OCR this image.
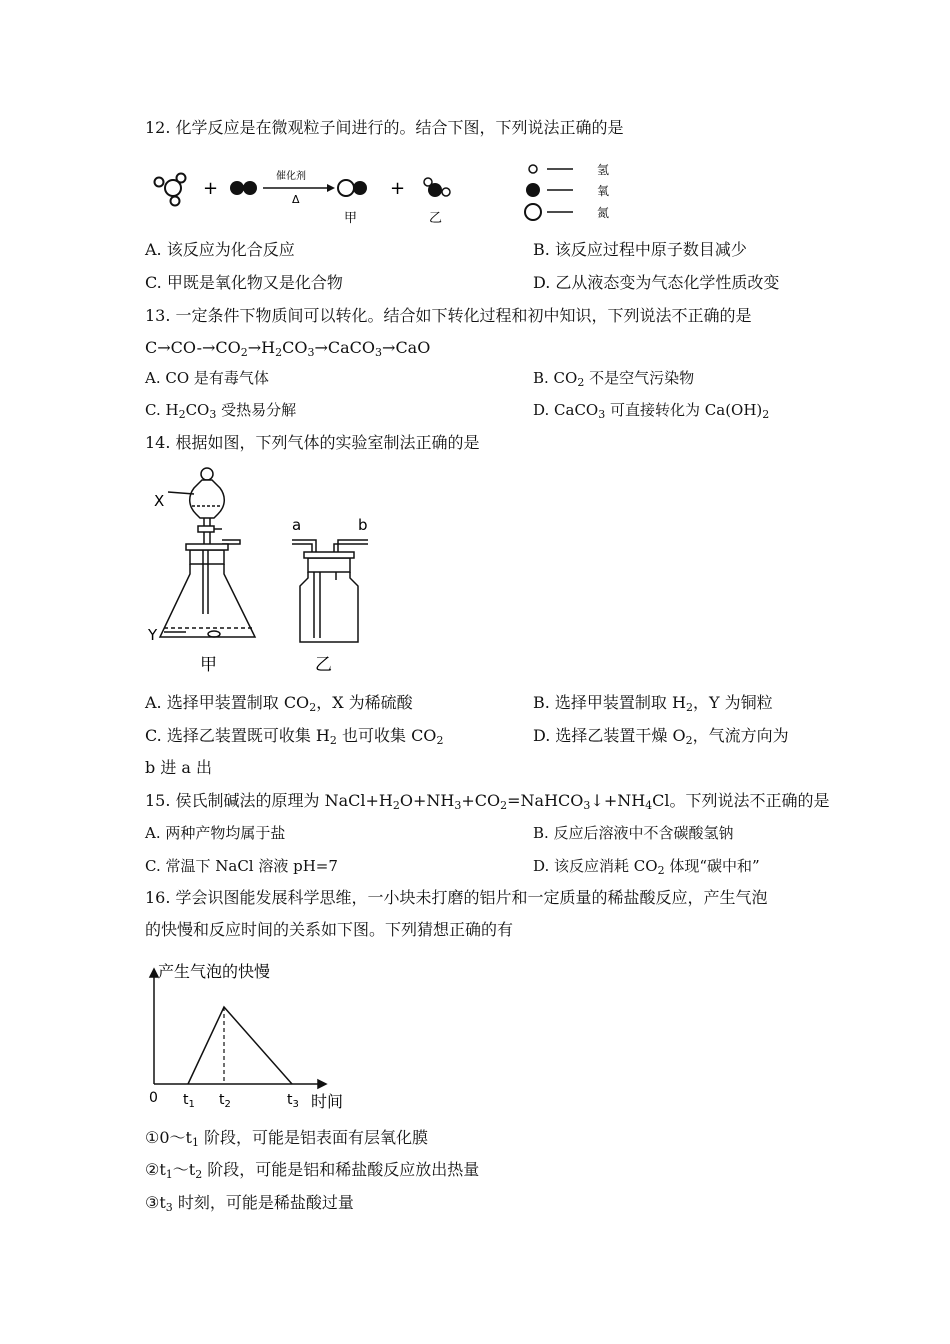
12. 化学反应是在微观粒子间进行的。结合下图，下列说法正确的是
+
催化剂
Δ
甲
+
乙
氢
氧
氮
A. 该反应为化合反应	B. 该反应过程中原子数目减少
C. 甲既是氧化物又是化合物	D. 乙从液态变为气态化学性质改变
13. 一定条件下物质间可以转化。结合如下转化过程和初中知识，下列说法不正确的是
$C\to CO-\to CO_2\to H_2CO_3\to CaCO_3\to CaO$
A. CO 是有毒气体	B. $CO_2$ 不是空气污染物
C. $H_2CO_3$ 受热易分解	D. CaCO$_3$ 可直接转化为 $Ca(OH)_2$
14. 根据如图，下列气体的实验室制法正确的是
X
Y
甲
a	b
乙
A. 选择甲装置制取 $CO_2$，X 为稀硫酸	B. 选择甲装置制取 $H_2$，Y 为铜粒
C. 选择乙装置既可收集 $H_2$ 也可收集 $CO_2$	D. 选择乙装置干燥 $O_2$，气流方向为
b 进 a 出
15. 侯氏制碱法的原理为 $NaCl+H_2O+NH_3+CO_2=NaHCO_3↓+NH_4Cl$。下列说法不正确的是
A. 两种产物均属于盐	B. 反应后溶液中不含碳酸氢钠
C. 常温下 NaCl 溶液 pH=7	D. 该反应消耗 $CO_2$ 体现“碳中和”
16. 学会识图能发展科学思维，一小块未打磨的铝片和一定质量的稀盐酸反应，产生气泡
的快慢和反应时间的关系如下图。下列猜想正确的有
产生气泡的快慢
时间
0 $t_1$ $t_2$	$t_3$
$①0\sim t_1$ 阶段，可能是铝表面有层氧化膜
$②t_1\sim t_2$ 阶段，可能是铝和稀盐酸反应放出热量
$③t_3$ 时刻，可能是稀盐酸过量
